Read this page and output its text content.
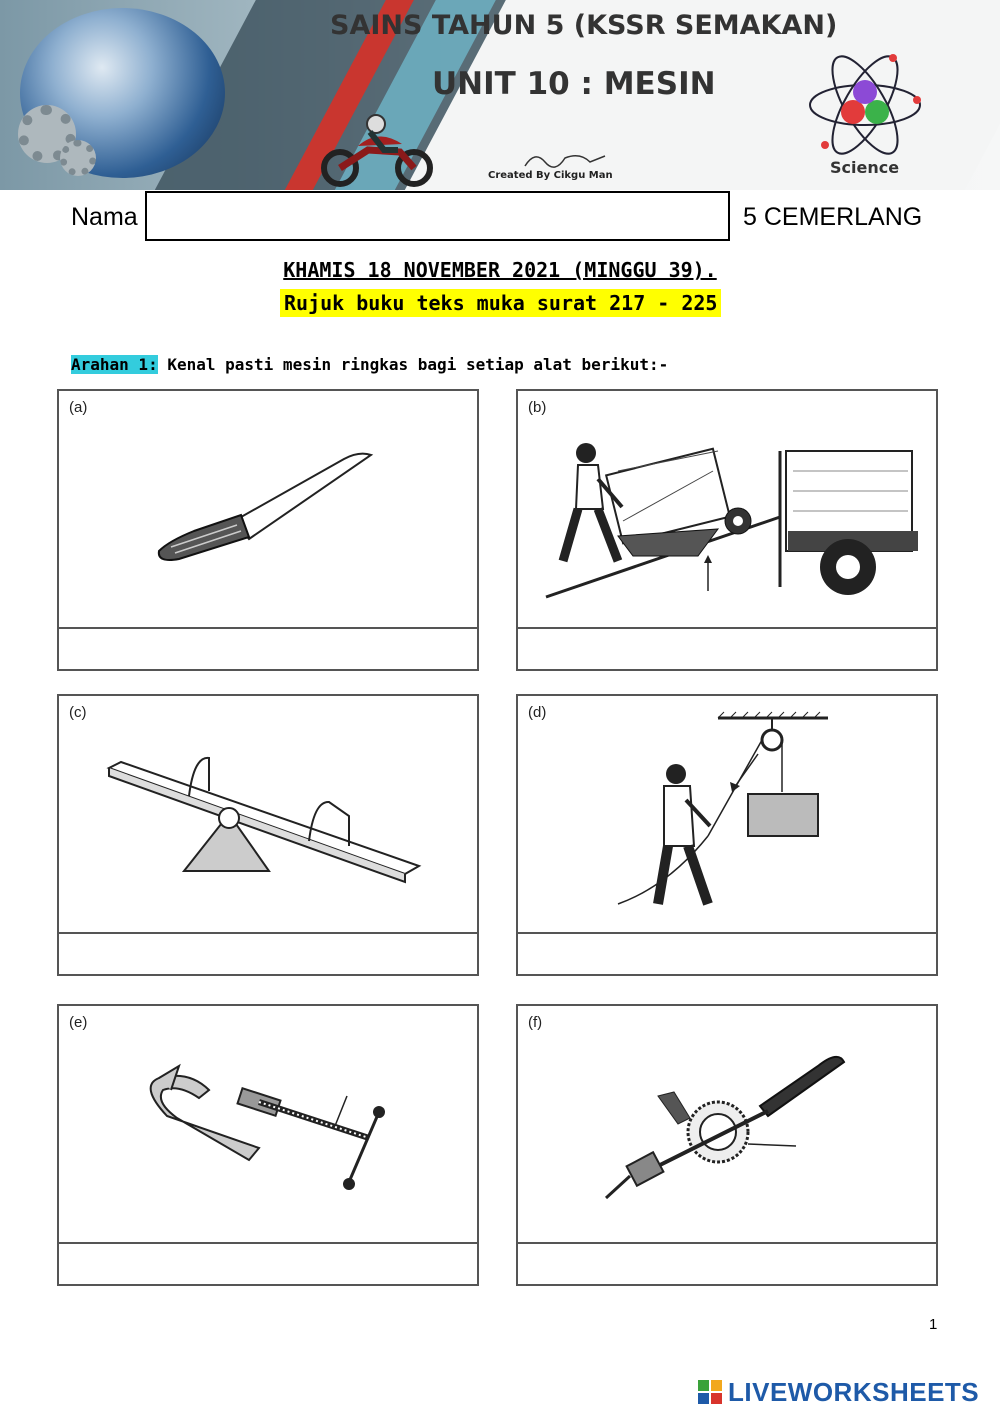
SAINS TAHUN 5 (KSSR SEMAKAN)
UNIT 10 : MESIN
Created By Cikgu Man	Science
Nama	5 CEMERLANG
KHAMIS 18 NOVEMBER 2021 (MINGGU 39).
Rujuk buku teks muka surat 217 - 225
Arahan 1: Kenal pasti mesin ringkas bagi setiap alat berikut:-
(a)	(b)
(c)	(d)
(e)	(f)
1
LIVEWORKSHEETS
